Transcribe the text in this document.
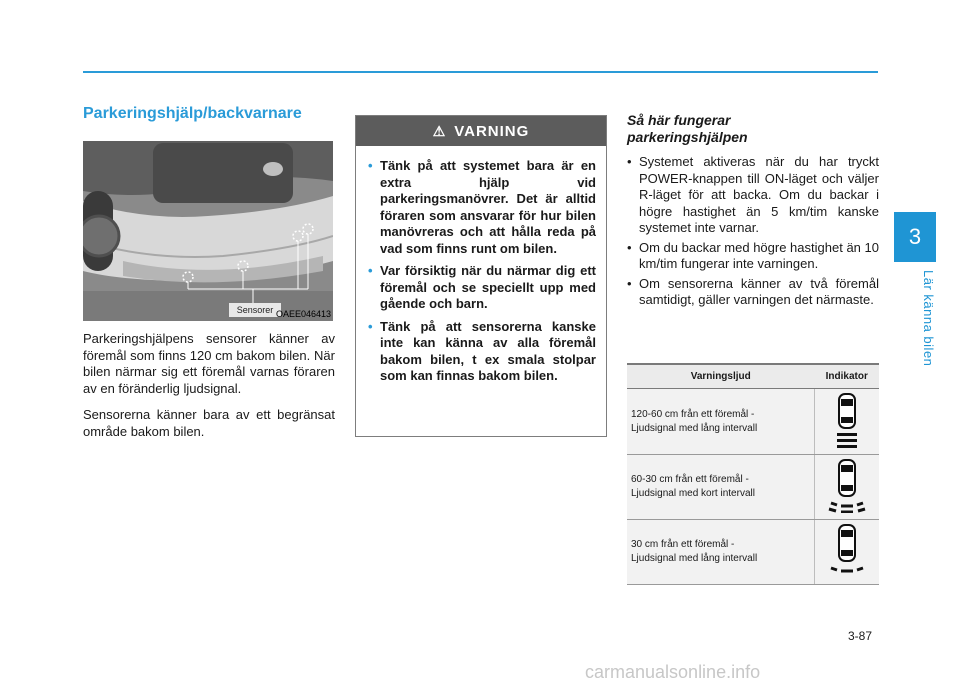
3
Lär känna bilen
Parkeringshjälp/backvarnare
Sensorer OAEE046413

Parkeringshjälpens sensorer känner av föremål som finns 120 cm bakom bilen. När bilen närmar sig ett föremål varnas föraren av en föränderlig ljudsignal.

Sensorerna känner bara av ett begränsat område bakom bilen.

⚠ VARNING
• Tänk på att systemet bara är en extra hjälp vid parkeringsmanövrer. Det är alltid föraren som ansvarar för hur bilen manövreras och att hålla reda på vad som finns runt om bilen.
• Var försiktig när du närmar dig ett föremål och se speciellt upp med gående och barn.
• Tänk på att sensorerna kanske inte kan känna av alla föremål bakom bilen, t ex smala stolpar som kan finnas bakom bilen.
Så här fungerar
parkeringshjälpen
• Systemet aktiveras när du har tryckt POWER-knappen till ON-läget och väljer R-läget för att backa. Om du backar i högre hastighet än 5 km/tim kanske systemet inte varnar.
• Om du backar med högre hastighet än 10 km/tim fungerar inte varningen.
• Om sensorerna känner av två föremål samtidigt, gäller varningen det närmaste.
Varningsljud	Indikator
120-60 cm från ett föremål -
Ljudsignal med lång intervall	
60-30 cm från ett föremål -
Ljudsignal med kort intervall	
30 cm från ett föremål -
Ljudsignal med lång intervall	
3-87
carmanualsonline.info
